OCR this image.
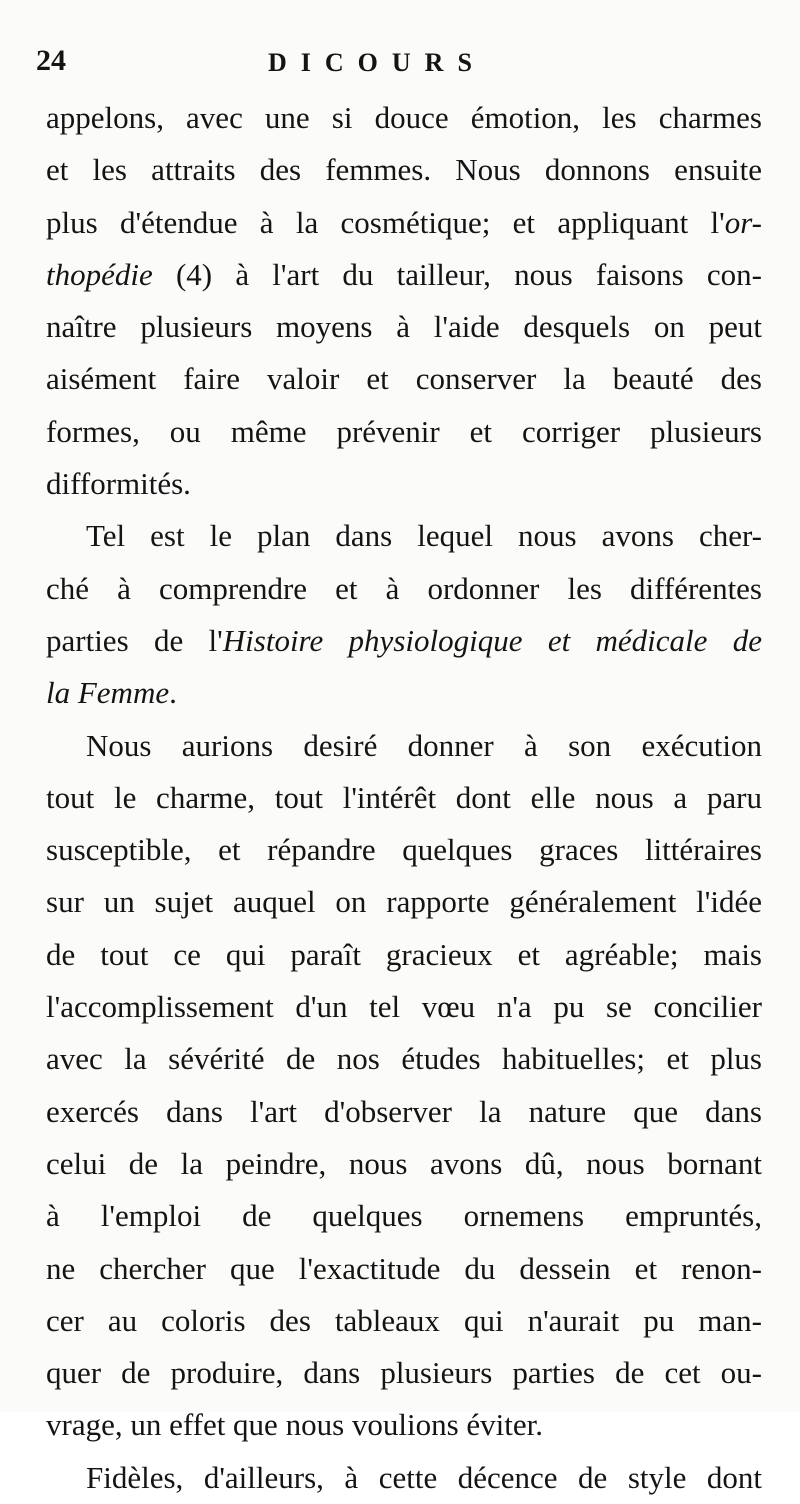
24	DICOURS
appelons, avec une si douce émotion, les charmes
et les attraits des femmes. Nous donnons ensuite
plus d'étendue à la cosmétique; et appliquant l'or-
thopédie (4) à l'art du tailleur, nous faisons con-
naître plusieurs moyens à l'aide desquels on peut
aisément faire valoir et conserver la beauté des
formes, ou même prévenir et corriger plusieurs
difformités.
Tel est le plan dans lequel nous avons cher-
ché à comprendre et à ordonner les différentes
parties de l'Histoire physiologique et médicale de
la Femme.
Nous aurions desiré donner à son exécution
tout le charme, tout l'intérêt dont elle nous a paru
susceptible, et répandre quelques graces littéraires
sur un sujet auquel on rapporte généralement l'idée
de tout ce qui paraît gracieux et agréable; mais
l'accomplissement d'un tel vœu n'a pu se concilier
avec la sévérité de nos études habituelles; et plus
exercés dans l'art d'observer la nature que dans
celui de la peindre, nous avons dû, nous bornant
à l'emploi de quelques ornemens empruntés,
ne chercher que l'exactitude du dessein et renon-
cer au coloris des tableaux qui n'aurait pu man-
quer de produire, dans plusieurs parties de cet ou-
vrage, un effet que nous voulions éviter.
Fidèles, d'ailleurs, à cette décence de style dont
